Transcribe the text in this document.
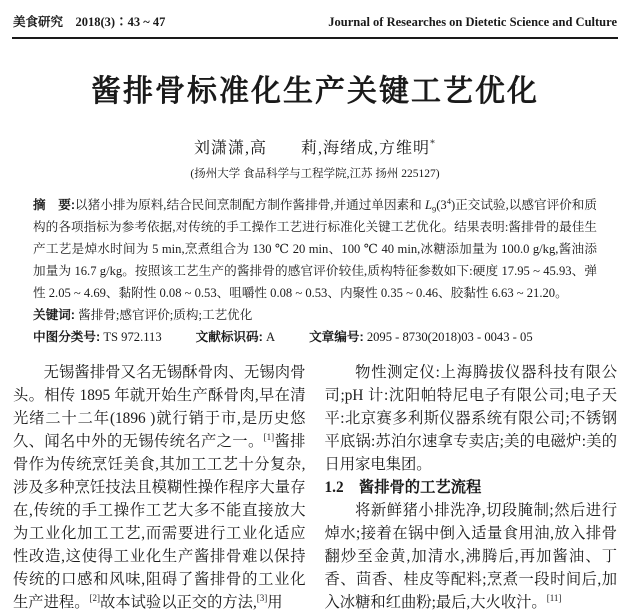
美食研究　2018(3)∶43 ~ 47	Journal of Researches on Dietetic Science and Culture
酱排骨标准化生产关键工艺优化
刘潇潇,高　　莉,海绪成,方维明*
(扬州大学 食品科学与工程学院,江苏 扬州 225127)
摘　要:以猪小排为原料,结合民间烹制配方制作酱排骨,并通过单因素和 $L_9(3^4)$正交试验,以感官评价和质构的各项指标为参考依据,对传统的手工操作工艺进行标准化关键工艺优化。结果表明:酱排骨的最佳生产工艺是焯水时间为 5 min,烹煮组合为 130 ℃ 20 min、100 ℃ 40 min,冰糖添加量为 100.0 g/kg,酱油添加量为 16.7 g/kg。按照该工艺生产的酱排骨的感官评价较佳,质构特征参数如下:硬度 17.95 ~ 45.93、弹性 2.05 ~ 4.69、黏附性 0.08 ~ 0.53、咀嚼性 0.08 ~ 0.53、内聚性 0.35 ~ 0.46、胶黏性 6.63 ~ 21.20。
关键词: 酱排骨;感官评价;质构;工艺优化
中图分类号: TS 972.113	文献标识码: A	文章编号: 2095 - 8730(2018)03 - 0043 - 05

无锡酱排骨又名无锡酥骨肉、无锡肉骨头。相传 1895 年就开始生产酥骨肉,早在清光绪二十二年(1896 )就行销于市,是历史悠久、闻名中外的无锡传统名产之一。[1]酱排骨作为传统烹饪美食,其加工工艺十分复杂,涉及多种烹饪技法且模糊性操作程序大量存在,传统的手工操作工艺大多不能直接放大为工业化加工工艺,而需要进行工业化适应性改造,这使得工业化生产酱排骨难以保持传统的口感和风味,阻碍了酱排骨的工业化生产进程。[2]故本试验以正交的方法,[3]用

物性测定仪:上海腾拔仪器科技有限公司;pH 计:沈阳帕特尼电子有限公司;电子天平:北京赛多利斯仪器系统有限公司;不锈钢平底锅:苏泊尔速拿专卖店;美的电磁炉:美的日用家电集团。

1.2　酱排骨的工艺流程

将新鲜猪小排洗净,切段腌制;然后进行焯水;接着在锅中倒入适量食用油,放入排骨翻炒至金黄,加清水,沸腾后,再加酱油、丁香、茴香、桂皮等配料;烹煮一段时间后,加入冰糖和红曲粉;最后,大火收汁。[11]
